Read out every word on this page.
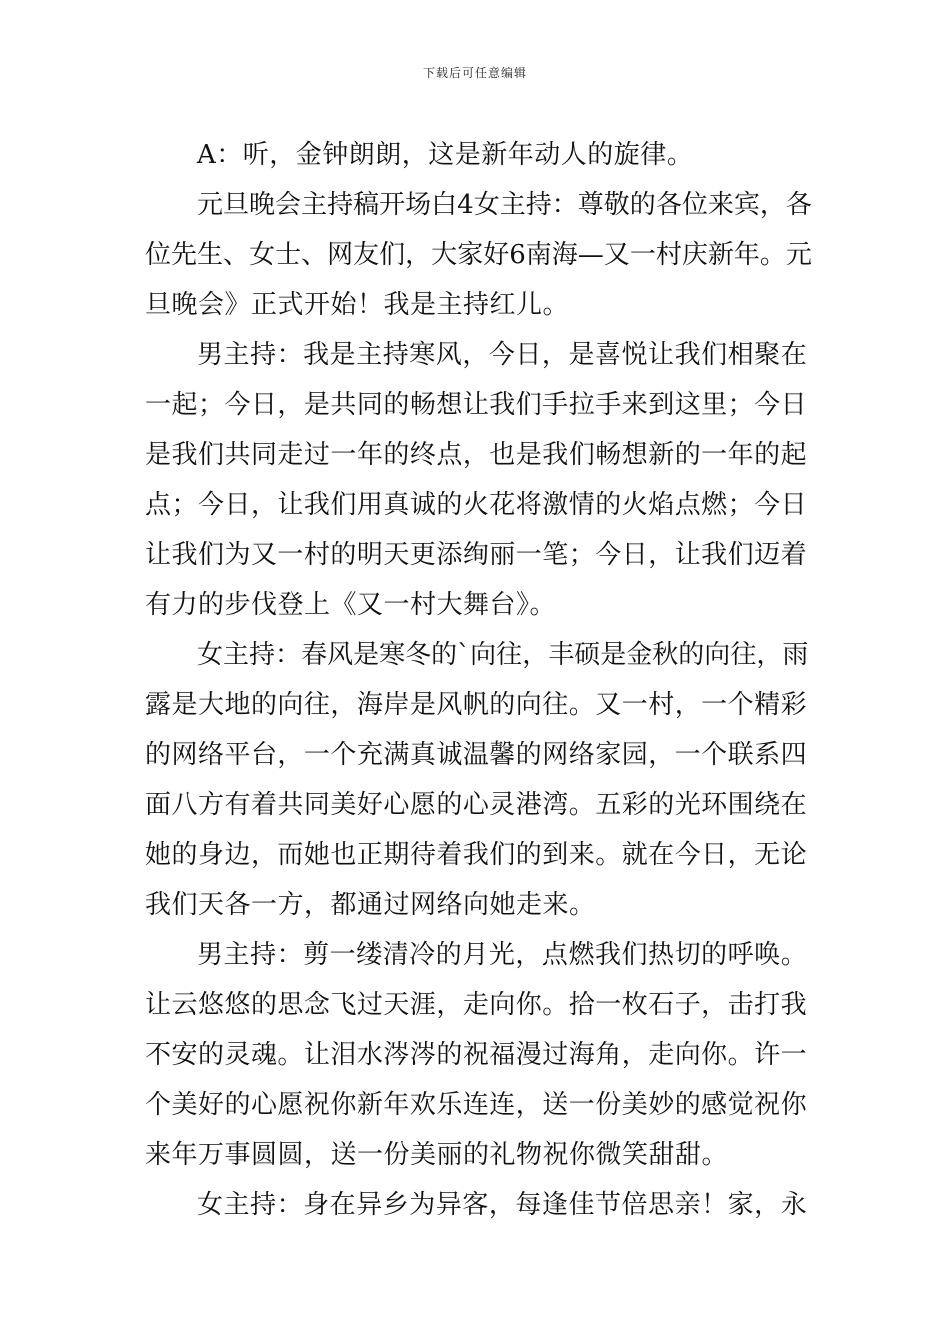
下载后可任意编辑
A：听，金钟朗朗，这是新年动人的旋律。
元 旦 晚 会 主 持 稿 开 场 白 4 女 主 持 ： 尊 敬 的 各 位 来 宾 ， 各
位 先 生 、 女 士 、 网 友 们 ， 大 家 好 6 南 海 — 又 一 村 庆 新 年 。 元
旦晚会》正式开始！我是主持红儿。
男 主 持 ： 我 是 主 持 寒 风 ， 今 日 ， 是 喜 悦 让 我 们 相 聚 在
一 起 ； 今 日 ， 是 共 同 的 畅 想 让 我 们 手 拉 手 来 到 这 里 ； 今 日
是 我 们 共 同 走 过 一 年 的 终 点 ， 也 是 我 们 畅 想 新 的 一 年 的 起
点 ； 今 日 ， 让 我 们 用 真 诚 的 火 花 将 激 情 的 火 焰 点 燃 ； 今 日
让 我 们 为 又 一 村 的 明 天 更 添 绚 丽 一 笔 ； 今 日 ， 让 我 们 迈 着
有力的步伐登上《又一村大舞台》。
女 主 持 ： 春 风 是 寒 冬 的 ` 向 往 ， 丰 硕 是 金 秋 的 向 往 ， 雨
露 是 大 地 的 向 往 ， 海 岸 是 风 帆 的 向 往 。 又 一 村 ， 一 个 精 彩
的 网 络 平 台 ， 一 个 充 满 真 诚 温 馨 的 网 络 家 园 ， 一 个 联 系 四
面 八 方 有 着 共 同 美 好 心 愿 的 心 灵 港 湾 。 五 彩 的 光 环 围 绕 在
她 的 身 边 ， 而 她 也 正 期 待 着 我 们 的 到 来 。 就 在 今 日 ， 无 论
我们天各一方，都通过网络向她走来。
男 主 持 ： 剪 一 缕 清 冷 的 月 光 ， 点 燃 我 们 热 切 的 呼 唤 。
让 云 悠 悠 的 思 念 飞 过 天 涯 ， 走 向 你 。 拾 一 枚 石 子 ， 击 打 我
不 安 的 灵 魂 。 让 泪 水 涔 涔 的 祝 福 漫 过 海 角 ， 走 向 你 。 许 一
个 美 好 的 心 愿 祝 你 新 年 欢 乐 连 连 ， 送 一 份 美 妙 的 感 觉 祝 你
来年万事圆圆，送一份美丽的礼物祝你微笑甜甜。
女 主 持 ： 身 在 异 乡 为 异 客 ， 每 逢 佳 节 倍 思 亲 ！ 家 ， 永
